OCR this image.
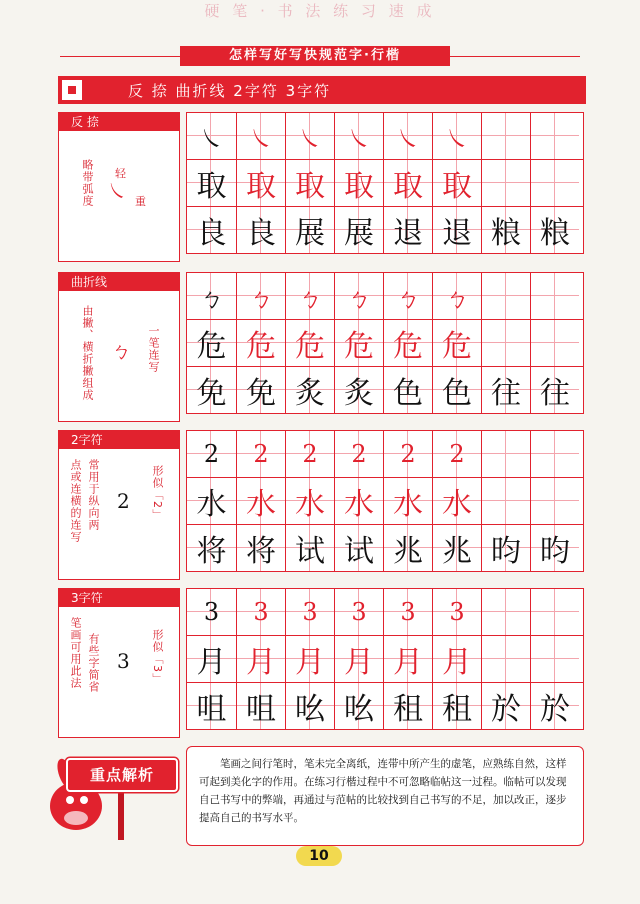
硬 笔 · 书 法 练 习 速 成
怎样写好写快规范字·行楷
反 捺 曲折线 2字符 3字符
反 捺
略带弧度 轻
重
㇏
㇏	㇏	㇏	㇏	㇏	㇏
取 取 取 取 取 取
良 良 展 展 退 退 粮 粮
曲折线
由撇、横折撇组成	一笔连写
ㄅ
ㄅ	ㄅ	ㄅ	ㄅ	ㄅ	ㄅ
危 危 危 危 危 危
免 免 炙 炙 色 色 往 往
2字符
点或连横的连写 常用于纵向两	形似「2」
2
2	2	2	2	2	2
水 水 水 水 水 水
将 将 试 试 兆 兆 昀 昀
3字符
笔画可用此法 有些字简省	形似「3」
3
3	3	3	3	3	3
月 月 月 月 月 月
咀 咀 吆 吆 租 租 於 於
重点解析

笔画之间行笔时，笔未完全离纸，连带中所产生的虚笔，应熟练自然，这样可起到美化字的作用。在练习行楷过程中不可忽略临帖这一过程。临帖可以发现自己书写中的弊端，再通过与范帖的比较找到自己书写的不足，加以改正，逐步提高自己的书写水平。

10
